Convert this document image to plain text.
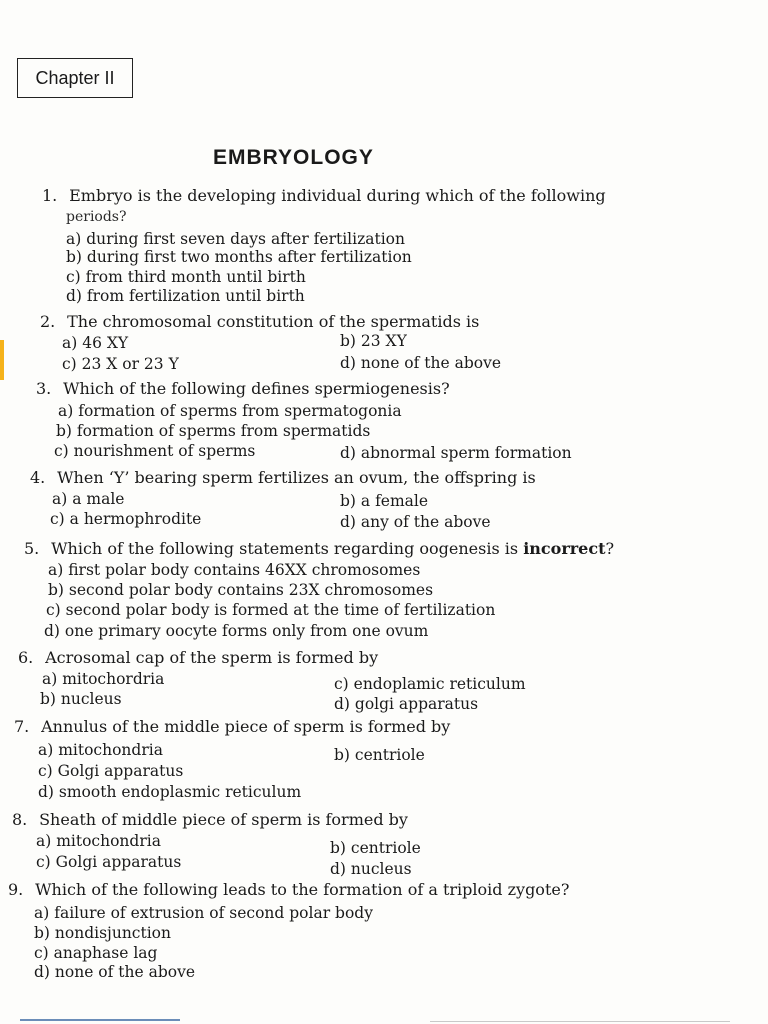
Chapter II
EMBRYOLOGY
1. Embryo is the developing individual during which of the following
periods?
a) during first seven days after fertilization
b) during first two months after fertilization
c) from third month until birth
d) from fertilization until birth
2. The chromosomal constitution of the spermatids is
a) 46 XY	b) 23 XY
c) 23 X or 23 Y	d) none of the above
3. Which of the following defines spermiogenesis?
a) formation of sperms from spermatogonia
b) formation of sperms from spermatids
c) nourishment of sperms	d) abnormal sperm formation
4. When ‘Y’ bearing sperm fertilizes an ovum, the offspring is
a) a male	b) a female
c) a hermophrodite	d) any of the above
5. Which of the following statements regarding oogenesis is incorrect?
a) first polar body contains 46XX chromosomes
b) second polar body contains 23X chromosomes
c) second polar body is formed at the time of fertilization
d) one primary oocyte forms only from one ovum
6. Acrosomal cap of the sperm is formed by
a) mitochordria	c) endoplamic reticulum
b) nucleus	d) golgi apparatus
7. Annulus of the middle piece of sperm is formed by
a) mitochondria	b) centriole
c) Golgi apparatus
d) smooth endoplasmic reticulum
8. Sheath of middle piece of sperm is formed by
a) mitochondria	b) centriole
c) Golgi apparatus	d) nucleus
9. Which of the following leads to the formation of a triploid zygote?
a) failure of extrusion of second polar body
b) nondisjunction
c) anaphase lag
d) none of the above
